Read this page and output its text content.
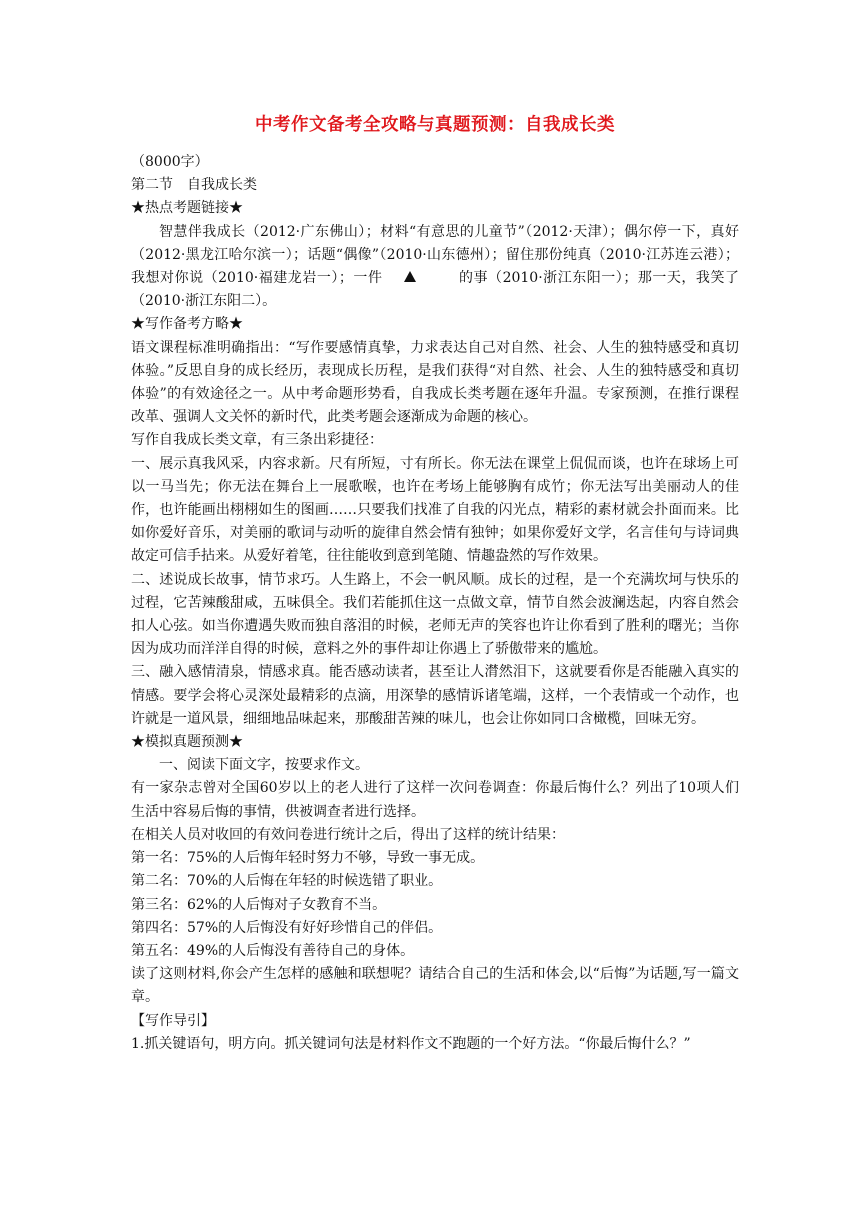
中考作文备考全攻略与真题预测：自我成长类

（8000字）

第二节　自我成长类

★热点考题链接★

智慧伴我成长（2012·广东佛山）；材料“有意思的儿童节”（2012·天津）；偶尔停一下，真好（2012·黑龙江哈尔滨一）；话题“偶像”（2010·山东德州）；留住那份纯真（2010·江苏连云港）；我想对你说（2010·福建龙岩一）；一件	的事（2010·浙江东阳一）；那一天，我笑了（2010·浙江东阳二）。

★写作备考方略★

语文课程标准明确指出：“写作要感情真挚，力求表达自己对自然、社会、人生的独特感受和真切体验。”反思自身的成长经历，表现成长历程，是我们获得“对自然、社会、人生的独特感受和真切体验”的有效途径之一。从中考命题形势看，自我成长类考题在逐年升温。专家预测，在推行课程改革、强调人文关怀的新时代，此类考题会逐渐成为命题的核心。

写作自我成长类文章，有三条出彩捷径：

一、展示真我风采，内容求新。尺有所短，寸有所长。你无法在课堂上侃侃而谈，也许在球场上可以一马当先；你无法在舞台上一展歌喉，也许在考场上能够胸有成竹；你无法写出美丽动人的佳作，也许能画出栩栩如生的图画……只要我们找准了自我的闪光点，精彩的素材就会扑面而来。比如你爱好音乐，对美丽的歌词与动听的旋律自然会情有独钟；如果你爱好文学，名言佳句与诗词典故定可信手拈来。从爱好着笔，往往能收到意到笔随、情趣盎然的写作效果。

二、述说成长故事，情节求巧。人生路上，不会一帆风顺。成长的过程，是一个充满坎坷与快乐的过程，它苦辣酸甜咸，五味俱全。我们若能抓住这一点做文章，情节自然会波澜迭起，内容自然会扣人心弦。如当你遭遇失败而独自落泪的时候，老师无声的笑容也许让你看到了胜利的曙光；当你因为成功而洋洋自得的时候，意料之外的事件却让你遇上了骄傲带来的尴尬。

三、融入感情清泉，情感求真。能否感动读者，甚至让人潸然泪下，这就要看你是否能融入真实的情感。要学会将心灵深处最精彩的点滴，用深挚的感情诉诸笔端，这样，一个表情或一个动作，也许就是一道风景，细细地品味起来，那酸甜苦辣的味儿，也会让你如同口含橄榄，回味无穷。

★模拟真题预测★

一、阅读下面文字，按要求作文。

有一家杂志曾对全国60岁以上的老人进行了这样一次问卷调查：你最后悔什么？列出了10项人们生活中容易后悔的事情，供被调查者进行选择。

在相关人员对收回的有效问卷进行统计之后，得出了这样的统计结果：

第一名：75%的人后悔年轻时努力不够，导致一事无成。

第二名：70%的人后悔在年轻的时候选错了职业。

第三名：62%的人后悔对子女教育不当。

第四名：57%的人后悔没有好好珍惜自己的伴侣。

第五名：49%的人后悔没有善待自己的身体。

读了这则材料,你会产生怎样的感触和联想呢？请结合自己的生活和体会,以“后悔”为话题,写一篇文章。

【写作导引】

1.抓关键语句，明方向。抓关键词句法是材料作文不跑题的一个好方法。“你最后悔什么？”
